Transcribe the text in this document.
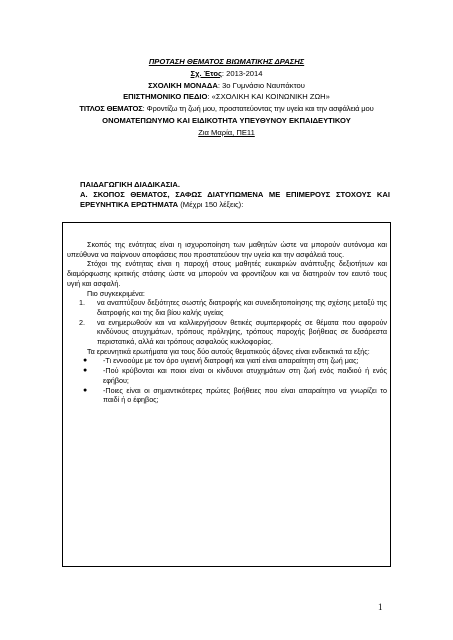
ΠΡΟΤΑΣΗ ΘΕΜΑΤΟΣ ΒΙΩΜΑΤΙΚΗΣ ΔΡΑΣΗΣ
Σχ. Έτος: 2013-2014
ΣΧΟΛΙΚΗ ΜΟΝΑΔΑ: 3ο Γυμνάσιο Ναυπάκτου
ΕΠΙΣΤΗΜΟΝΙΚΟ ΠΕΔΙΟ: «ΣΧΟΛΙΚΗ ΚΑΙ ΚΟΙΝΩΝΙΚΗ ΖΩΗ»
ΤΙΤΛΟΣ ΘΕΜΑΤΟΣ: Φροντίζω τη ζωή μου, προστατεύοντας την υγεία και την ασφάλειά μου
ΟΝΟΜΑΤΕΠΩΝΥΜΟ ΚΑΙ ΕΙΔΙΚΟΤΗΤΑ ΥΠΕΥΘΥΝΟΥ ΕΚΠΑΙΔΕΥΤΙΚΟΥ
Ζια Μαρία, ΠΕ11
ΠΑΙΔΑΓΩΓΙΚΗ ΔΙΑΔΙΚΑΣΙΑ.
Α. ΣΚΟΠΟΣ ΘΕΜΑΤΟΣ, ΣΑΦΩΣ ΔΙΑΤΥΠΩΜΕΝΑ ΜΕ ΕΠΙΜΕΡΟΥΣ ΣΤΟΧΟΥΣ ΚΑΙ
ΕΡΕΥΝΗΤΙΚΑ ΕΡΩΤΗΜΑΤΑ (Μέχρι 150 λέξεις):
Σκοπός της ενότητας είναι η ισχυροποίηση των μαθητών ώστε να μπορούν αυτόνομα και υπεύθυνα να παίρνουν αποφάσεις που προστατεύουν την υγεία και την ασφάλειά τους.
Στόχοι της ενότητας είναι η παροχή στους μαθητές ευκαιριών ανάπτυξης δεξιοτήτων και διαμόρφωσης κριτικής στάσης ώστε να μπορούν να φροντίζουν και να διατηρούν τον εαυτό τους υγιή και ασφαλή.
Πιο συγκεκριμένα:
1. να αναπτύξουν δεξιότητες σωστής διατροφής και συνειδητοποίησης της σχέσης μεταξύ της διατροφής και της δια βίου καλής υγείας
2. να ενημερωθούν και να καλλιεργήσουν θετικές συμπεριφορές σε θέματα που αφορούν κινδύνους ατυχημάτων, τρόπους πρόληψης, τρόπους παροχής βοήθειας σε δυσάρεστα περιστατικά, αλλά και τρόπους ασφαλούς κυκλοφορίας.
Τα ερευνητικά ερωτήματα για τους δύο αυτούς θεματικούς άξονες είναι ενδεικτικά τα εξής:
● -Τι εννοούμε με τον όρο υγιεινή διατροφή και γιατί είναι απαραίτητη στη ζωή μας;
● -Πού κρύβονται και ποιοι είναι οι κίνδυνοι ατυχημάτων στη ζωή ενός παιδιού ή ενός εφήβου;
● -Ποιες είναι οι σημαντικότερες πρώτες βοήθειες που είναι απαραίτητο να γνωρίζει το παιδί ή ο έφηβος;
1
